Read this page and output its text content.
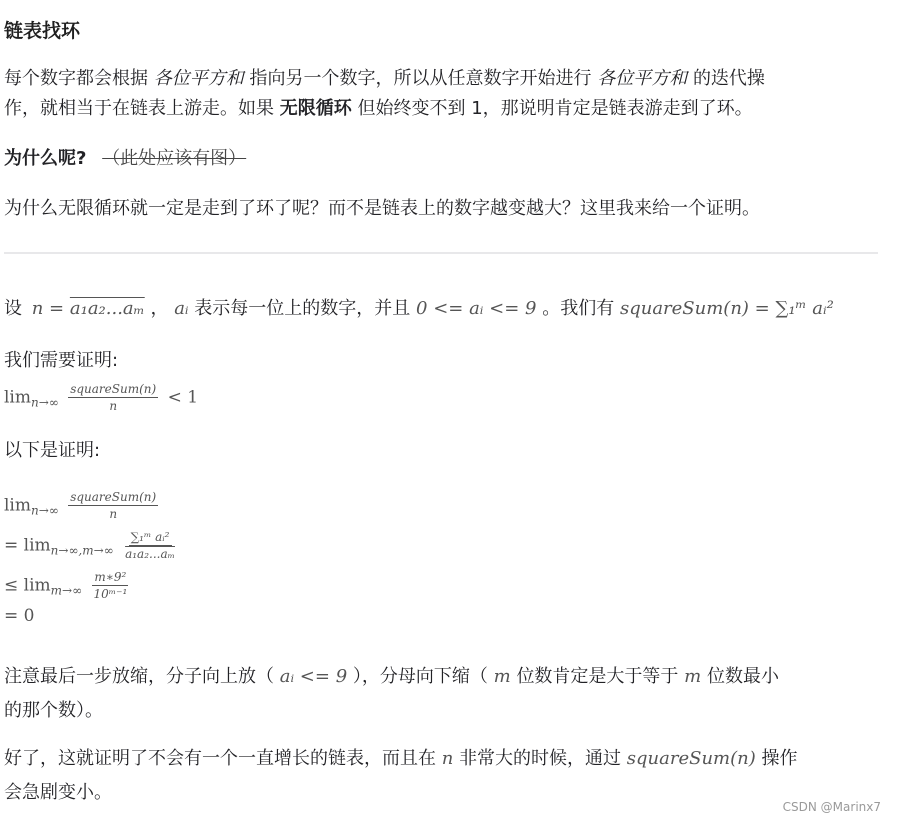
链表找环
每个数字都会根据 各位平方和 指向另一个数字，所以从任意数字开始进行 各位平方和 的迭代操
作，就相当于在链表上游走。如果 无限循环 但始终变不到 1，那说明肯定是链表游走到了环。
为什么呢? （此处应该有图）
为什么无限循环就一定是走到了环了呢？而不是链表上的数字越变越大？这里我来给一个证明。
设 n = a₁a₂...aₘ ， aᵢ 表示每一位上的数字，并且 0 <= aᵢ <= 9 。我们有 squareSum(n) = ∑₁ᵐ aᵢ²
我们需要证明:
$\lim_{n\to\infty} \frac{\text{squareSum(n)}}{n} < 1$
以下是证明:
$\lim_{n\to\infty} \frac{\text{squareSum(n)}}{n}$
= $\lim_{n\to\infty,m\to\infty} \frac{\text{∑₁ᵐ aᵢ²}}{\text{a₁a₂...aₘ}}$
≤ $\lim_{m\to\infty} \frac{\text{m∗9²}}{\text{10ᵐ⁻¹}}$
= 0
注意最后一步放缩，分子向上放（ aᵢ <= 9 ），分母向下缩（ m 位数肯定是大于等于 m 位数最小
的那个数）。
好了，这就证明了不会有一个一直增长的链表，而且在 n 非常大的时候，通过 squareSum(n) 操作
会急剧变小。
CSDN @Marinx7
